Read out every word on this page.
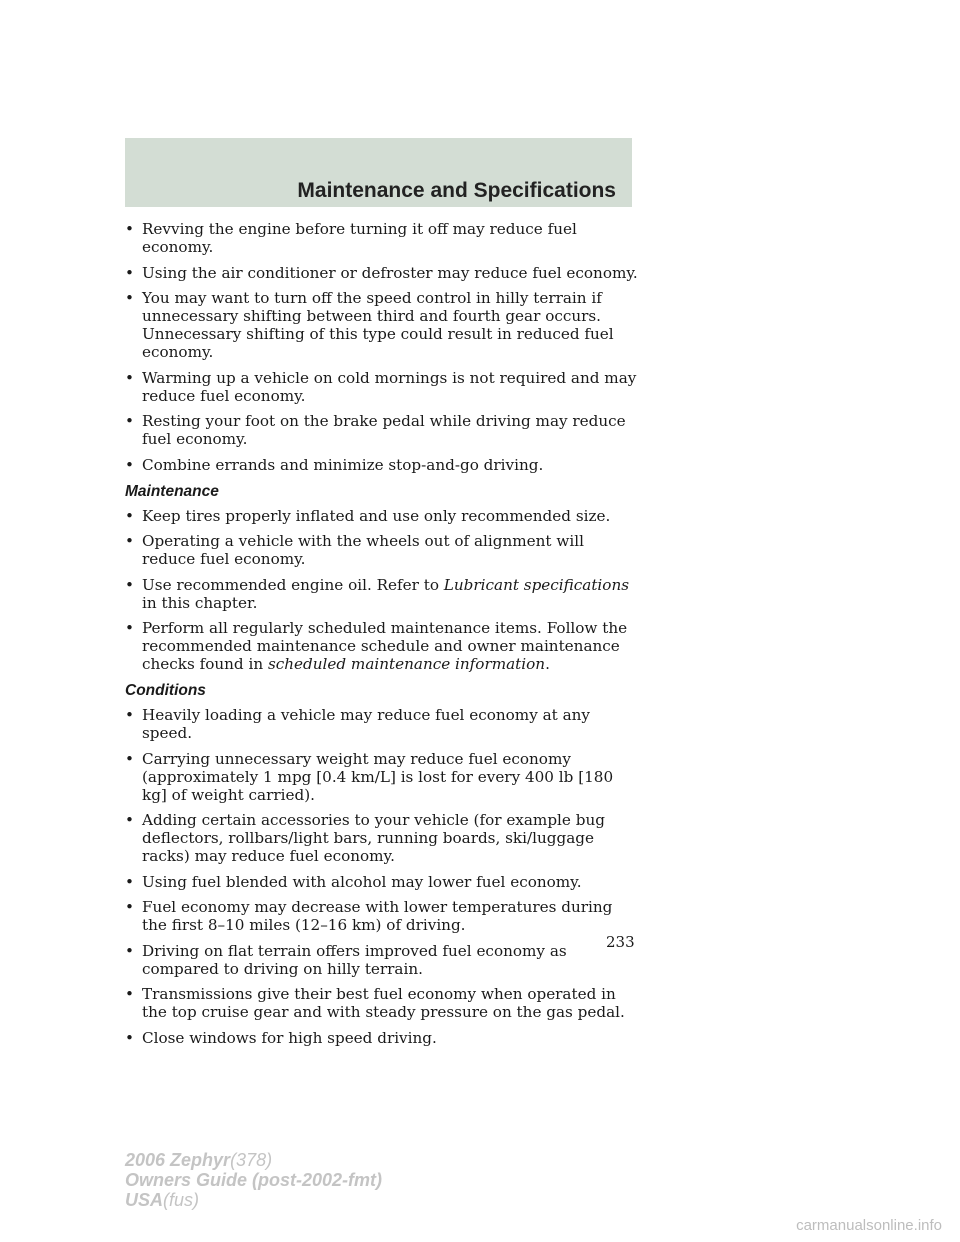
Maintenance and Specifications
• Revving the engine before turning it off may reduce fuel economy.
• Using the air conditioner or defroster may reduce fuel economy.
• You may want to turn off the speed control in hilly terrain if unnecessary shifting between third and fourth gear occurs. Unnecessary shifting of this type could result in reduced fuel economy.
• Warming up a vehicle on cold mornings is not required and may reduce fuel economy.
• Resting your foot on the brake pedal while driving may reduce fuel economy.
• Combine errands and minimize stop-and-go driving.
Maintenance
• Keep tires properly inflated and use only recommended size.
• Operating a vehicle with the wheels out of alignment will reduce fuel economy.
• Use recommended engine oil. Refer to Lubricant specifications in this chapter.
• Perform all regularly scheduled maintenance items. Follow the recommended maintenance schedule and owner maintenance checks found in scheduled maintenance information.
Conditions
• Heavily loading a vehicle may reduce fuel economy at any speed.
• Carrying unnecessary weight may reduce fuel economy (approximately 1 mpg [0.4 km/L] is lost for every 400 lb [180 kg] of weight carried).
• Adding certain accessories to your vehicle (for example bug deflectors, rollbars/light bars, running boards, ski/luggage racks) may reduce fuel economy.
• Using fuel blended with alcohol may lower fuel economy.
• Fuel economy may decrease with lower temperatures during the first 8–10 miles (12–16 km) of driving.
• Driving on flat terrain offers improved fuel economy as compared to driving on hilly terrain.
• Transmissions give their best fuel economy when operated in the top cruise gear and with steady pressure on the gas pedal.
• Close windows for high speed driving.
233
2006 Zephyr(378)
Owners Guide (post-2002-fmt)
USA(fus)
carmanualsonline.info
